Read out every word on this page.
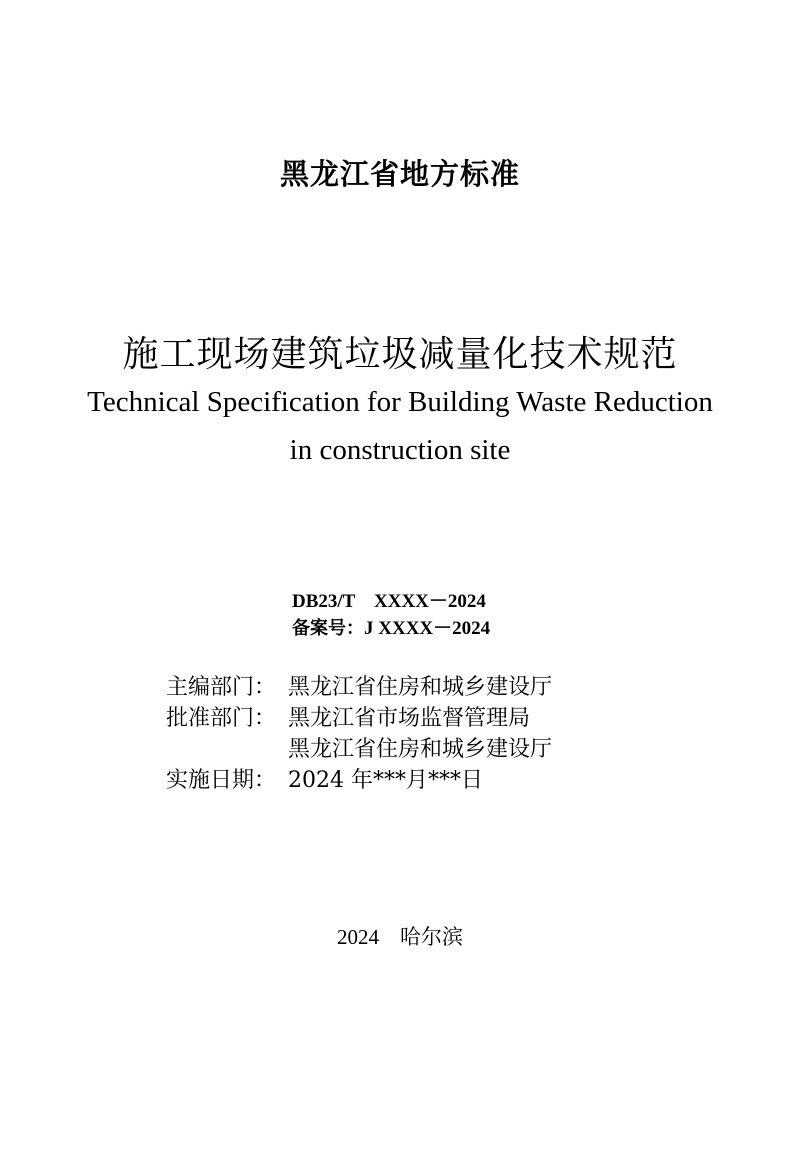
黑龙江省地方标准
施工现场建筑垃圾减量化技术规范
Technical Specification for Building Waste Reduction
in construction site
DB23/T　XXXX－2024
备案号：J XXXX－2024
主编部门： 黑龙江省住房和城乡建设厅
批准部门： 黑龙江省市场监督管理局
黑龙江省住房和城乡建设厅
实施日期： 2024 年***月***日
2024　哈尔滨
